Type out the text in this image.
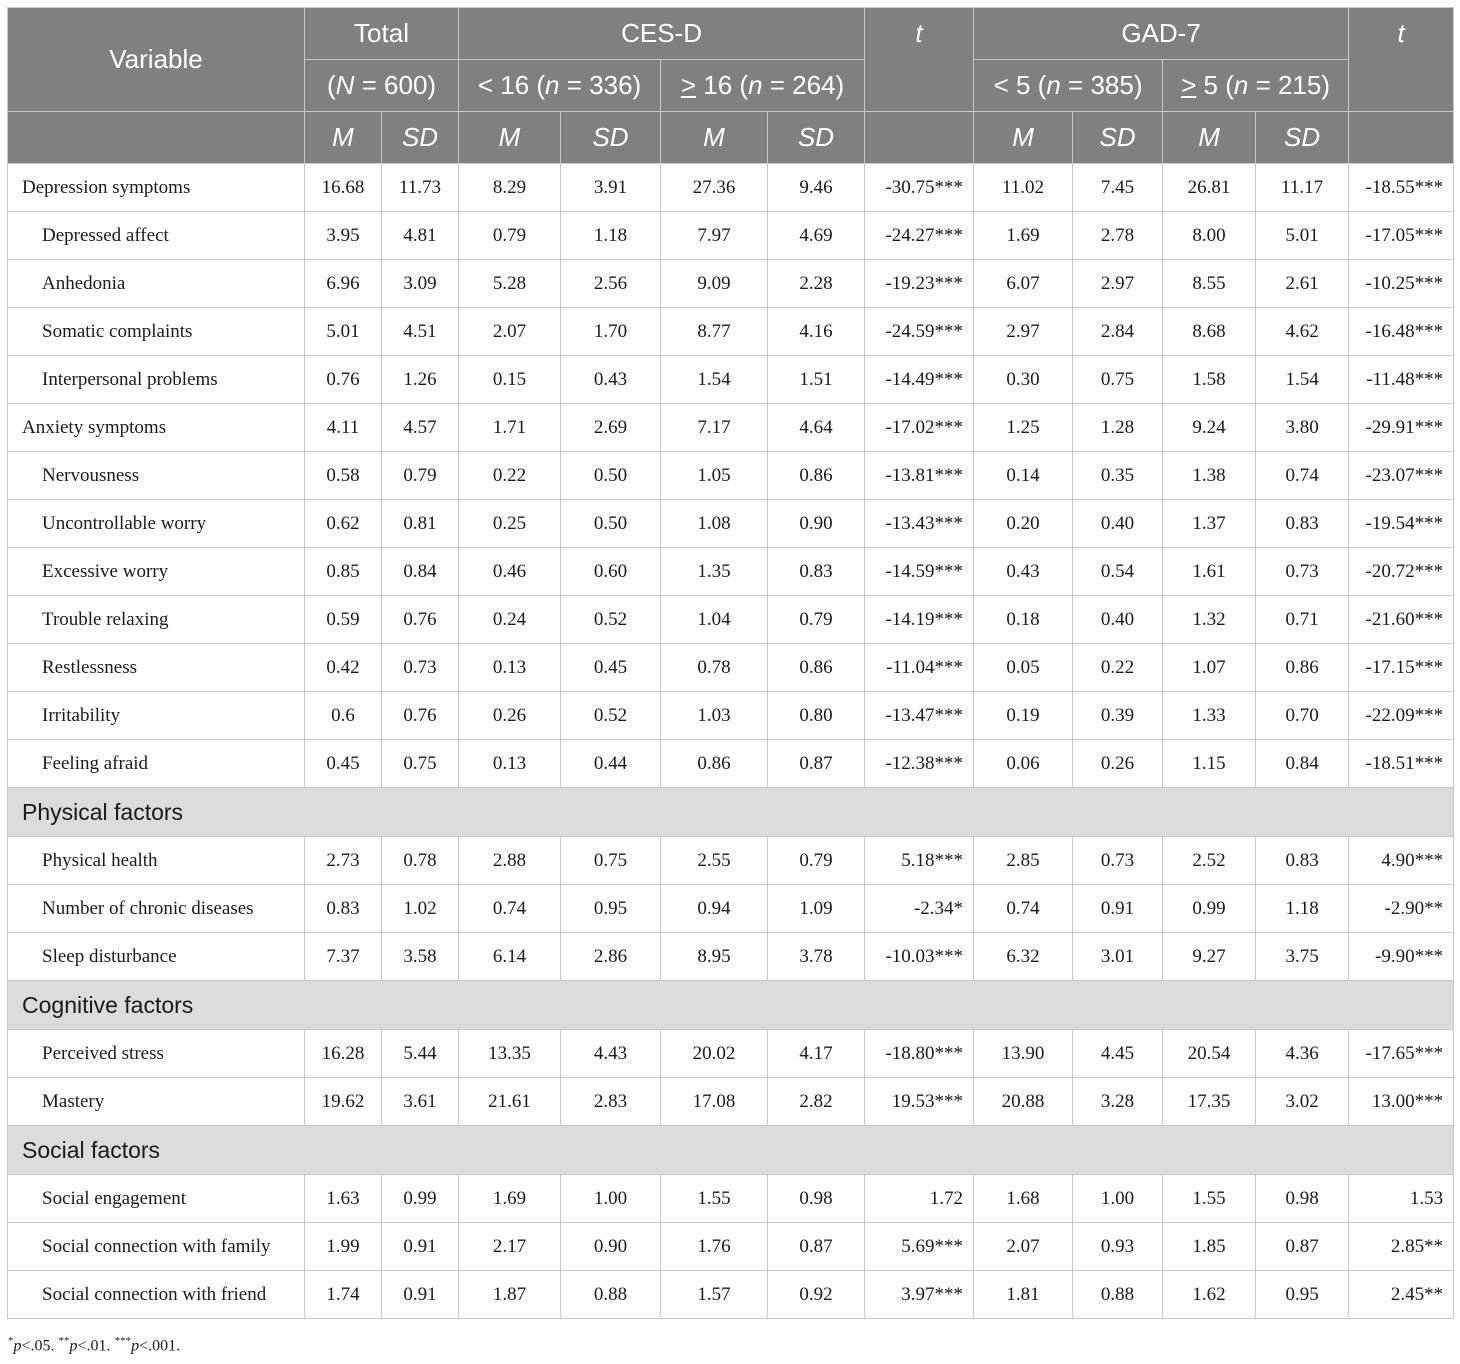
Variable	Total		CES-D				t	GAD-7				t
	(N = 600)		< 16 (n = 336)		> 16 (n = 264)			< 5 (n = 385)		> 5 (n = 215)		
	M	SD	M	SD	M	SD		M	SD	M	SD	
Depression symptoms	16.68	11.73	8.29	3.91	27.36	9.46	-30.75***	11.02	7.45	26.81	11.17	-18.55***
Depressed affect	3.95	4.81	0.79	1.18	7.97	4.69	-24.27***	1.69	2.78	8.00	5.01	-17.05***
Anhedonia	6.96	3.09	5.28	2.56	9.09	2.28	-19.23***	6.07	2.97	8.55	2.61	-10.25***
Somatic complaints	5.01	4.51	2.07	1.70	8.77	4.16	-24.59***	2.97	2.84	8.68	4.62	-16.48***
Interpersonal problems	0.76	1.26	0.15	0.43	1.54	1.51	-14.49***	0.30	0.75	1.58	1.54	-11.48***
Anxiety symptoms	4.11	4.57	1.71	2.69	7.17	4.64	-17.02***	1.25	1.28	9.24	3.80	-29.91***
Nervousness	0.58	0.79	0.22	0.50	1.05	0.86	-13.81***	0.14	0.35	1.38	0.74	-23.07***
Uncontrollable worry	0.62	0.81	0.25	0.50	1.08	0.90	-13.43***	0.20	0.40	1.37	0.83	-19.54***
Excessive worry	0.85	0.84	0.46	0.60	1.35	0.83	-14.59***	0.43	0.54	1.61	0.73	-20.72***
Trouble relaxing	0.59	0.76	0.24	0.52	1.04	0.79	-14.19***	0.18	0.40	1.32	0.71	-21.60***
Restlessness	0.42	0.73	0.13	0.45	0.78	0.86	-11.04***	0.05	0.22	1.07	0.86	-17.15***
Irritability	0.6	0.76	0.26	0.52	1.03	0.80	-13.47***	0.19	0.39	1.33	0.70	-22.09***
Feeling afraid	0.45	0.75	0.13	0.44	0.86	0.87	-12.38***	0.06	0.26	1.15	0.84	-18.51***
Physical factors												
Physical health	2.73	0.78	2.88	0.75	2.55	0.79	5.18***	2.85	0.73	2.52	0.83	4.90***
Number of chronic diseases	0.83	1.02	0.74	0.95	0.94	1.09	-2.34*	0.74	0.91	0.99	1.18	-2.90**
Sleep disturbance	7.37	3.58	6.14	2.86	8.95	3.78	-10.03***	6.32	3.01	9.27	3.75	-9.90***
Cognitive factors												
Perceived stress	16.28	5.44	13.35	4.43	20.02	4.17	-18.80***	13.90	4.45	20.54	4.36	-17.65***
Mastery	19.62	3.61	21.61	2.83	17.08	2.82	19.53***	20.88	3.28	17.35	3.02	13.00***
Social factors												
Social engagement	1.63	0.99	1.69	1.00	1.55	0.98	1.72	1.68	1.00	1.55	0.98	1.53
Social connection with family	1.99	0.91	2.17	0.90	1.76	0.87	5.69***	2.07	0.93	1.85	0.87	2.85**
Social connection with friend	1.74	0.91	1.87	0.88	1.57	0.92	3.97***	1.81	0.88	1.62	0.95	2.45**
*p<.05. **p<.01. ***p<.001.
